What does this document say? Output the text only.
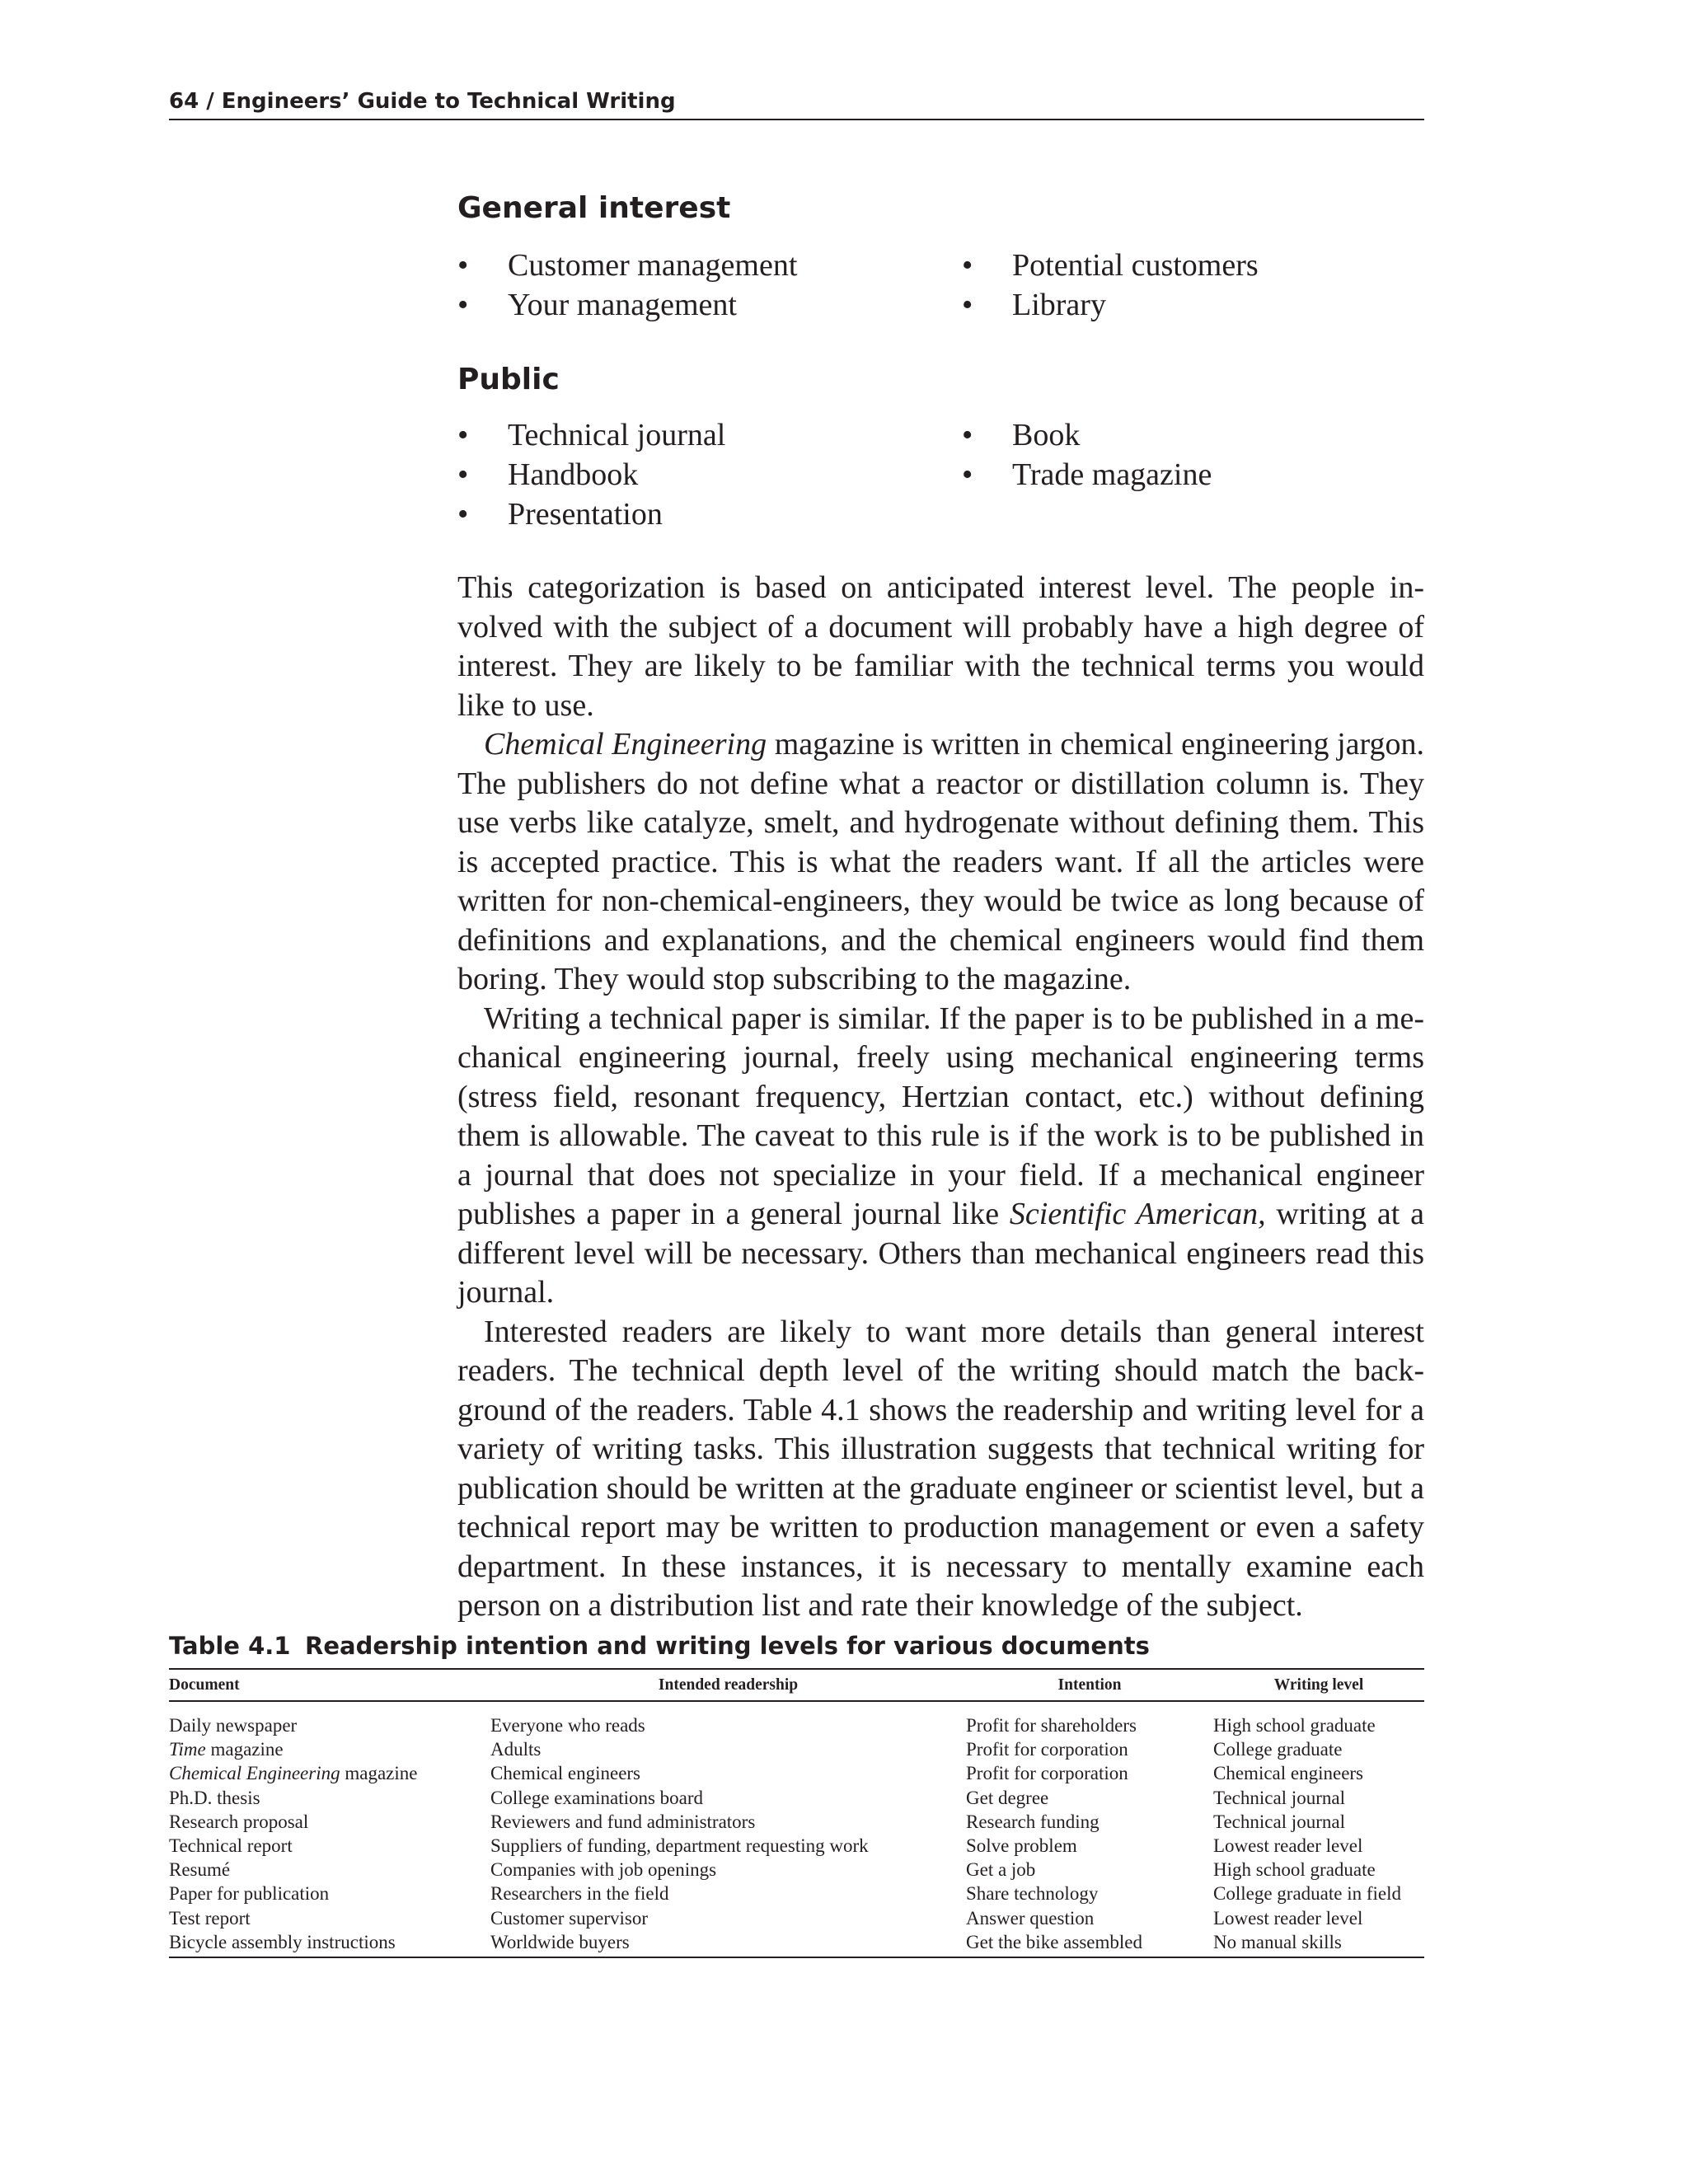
64 / Engineers’ Guide to Technical Writing
General interest
• Customer management
• Your management
• Potential customers
• Library
Public
• Technical journal
• Handbook
• Presentation
• Book
• Trade magazine

This categorization is based on anticipated interest level. The people involved with the subject of a document will probably have a high degree of interest. They are likely to be familiar with the technical terms you would like to use.

Chemical Engineering magazine is written in chemical engineering jargon. The publishers do not define what a reactor or distillation column is. They use verbs like catalyze, smelt, and hydrogenate without defining them. This is accepted practice. This is what the readers want. If all the articles were written for non-chemical-engineers, they would be twice as long because of definitions and explanations, and the chemical engineers would find them boring. They would stop subscribing to the magazine.

Writing a technical paper is similar. If the paper is to be published in a mechanical engineering journal, freely using mechanical engineering terms (stress field, resonant frequency, Hertzian contact, etc.) without defining them is allowable. The caveat to this rule is if the work is to be published in a journal that does not specialize in your field. If a mechanical engineer publishes a paper in a general journal like Scientific American, writing at a different level will be necessary. Others than mechanical engineers read this journal.

Interested readers are likely to want more details than general interest readers. The technical depth level of the writing should match the background of the readers. Table 4.1 shows the readership and writing level for a variety of writing tasks. This illustration suggests that technical writing for publication should be written at the graduate engineer or scientist level, but a technical report may be written to production management or even a safety department. In these instances, it is necessary to mentally examine each person on a distribution list and rate their knowledge of the subject.

Table 4.1 Readership intention and writing levels for various documents
Document	Intended readership	Intention	Writing level

Daily newspaper	Everyone who reads	Profit for shareholders	High school graduate
Time magazine	Adults	Profit for corporation	College graduate
Chemical Engineering magazine	Chemical engineers	Profit for corporation	Chemical engineers
Ph.D. thesis	College examinations board	Get degree	Technical journal
Research proposal	Reviewers and fund administrators	Research funding	Technical journal
Technical report	Suppliers of funding, department requesting work	Solve problem	Lowest reader level
Resumé	Companies with job openings	Get a job	High school graduate
Paper for publication	Researchers in the field	Share technology	College graduate in field
Test report	Customer supervisor	Answer question	Lowest reader level
Bicycle assembly instructions	Worldwide buyers	Get the bike assembled	No manual skills
